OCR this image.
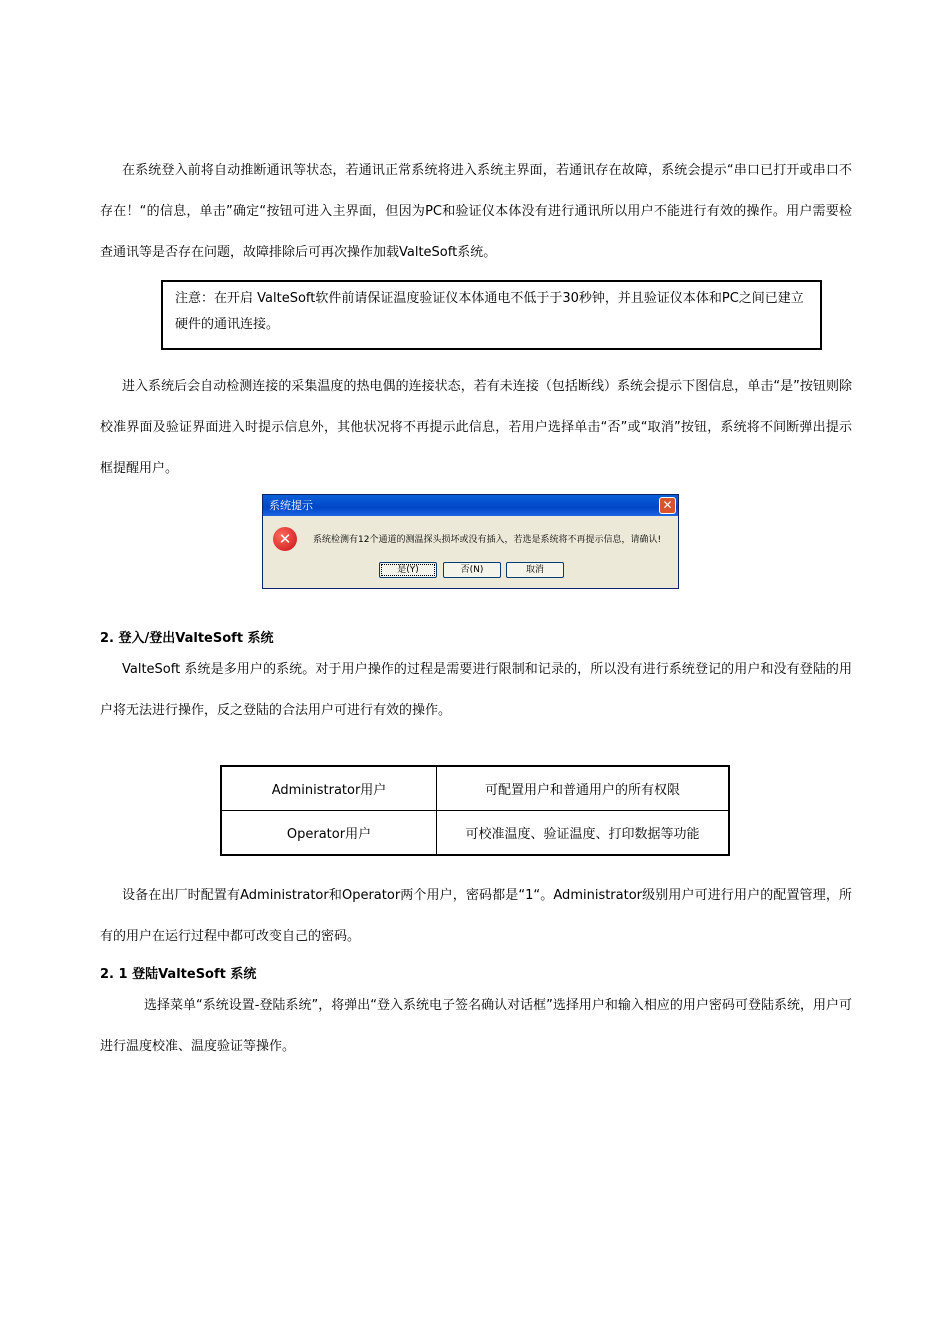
在系统登入前将自动推断通讯等状态，若通讯正常系统将进入系统主界面，若通讯存在故障，系统会提示“串口已打开或串口不存在！“的信息，单击”确定“按钮可进入主界面，但因为PC和验证仪本体没有进行通讯所以用户不能进行有效的操作。用户需要检查通讯等是否存在问题，故障排除后可再次操作加载ValteSoft系统。

注意：在开启 ValteSoft软件前请保证温度验证仪本体通电不低于于30秒钟，并且验证仪本体和PC之间已建立硬件的通讯连接。

进入系统后会自动检测连接的采集温度的热电偶的连接状态，若有未连接（包括断线）系统会提示下图信息，单击“是”按钮则除校准界面及验证界面进入时提示信息外，其他状况将不再提示此信息，若用户选择单击“否”或“取消”按钮，系统将不间断弹出提示框提醒用户。

系统提示	✕
✕	系统检测有12个通道的测温探头损坏或没有插入，若选是系统将不再提示信息，请确认!
是(Y)	否(N)	取消

2. 登入/登出ValteSoft 系统

ValteSoft 系统是多用户的系统。对于用户操作的过程是需要进行限制和记录的，所以没有进行系统登记的用户和没有登陆的用户将无法进行操作，反之登陆的合法用户可进行有效的操作。

Administrator用户	可配置用户和普通用户的所有权限
Operator用户	可校准温度、验证温度、打印数据等功能

设备在出厂时配置有Administrator和Operator两个用户，密码都是“1“。Administrator级别用户可进行用户的配置管理，所有的用户在运行过程中都可改变自己的密码。

2. 1 登陆ValteSoft 系统

选择菜单“系统设置-登陆系统”，将弹出“登入系统电子签名确认对话框”选择用户和输入相应的用户密码可登陆系统，用户可进行温度校准、温度验证等操作。
